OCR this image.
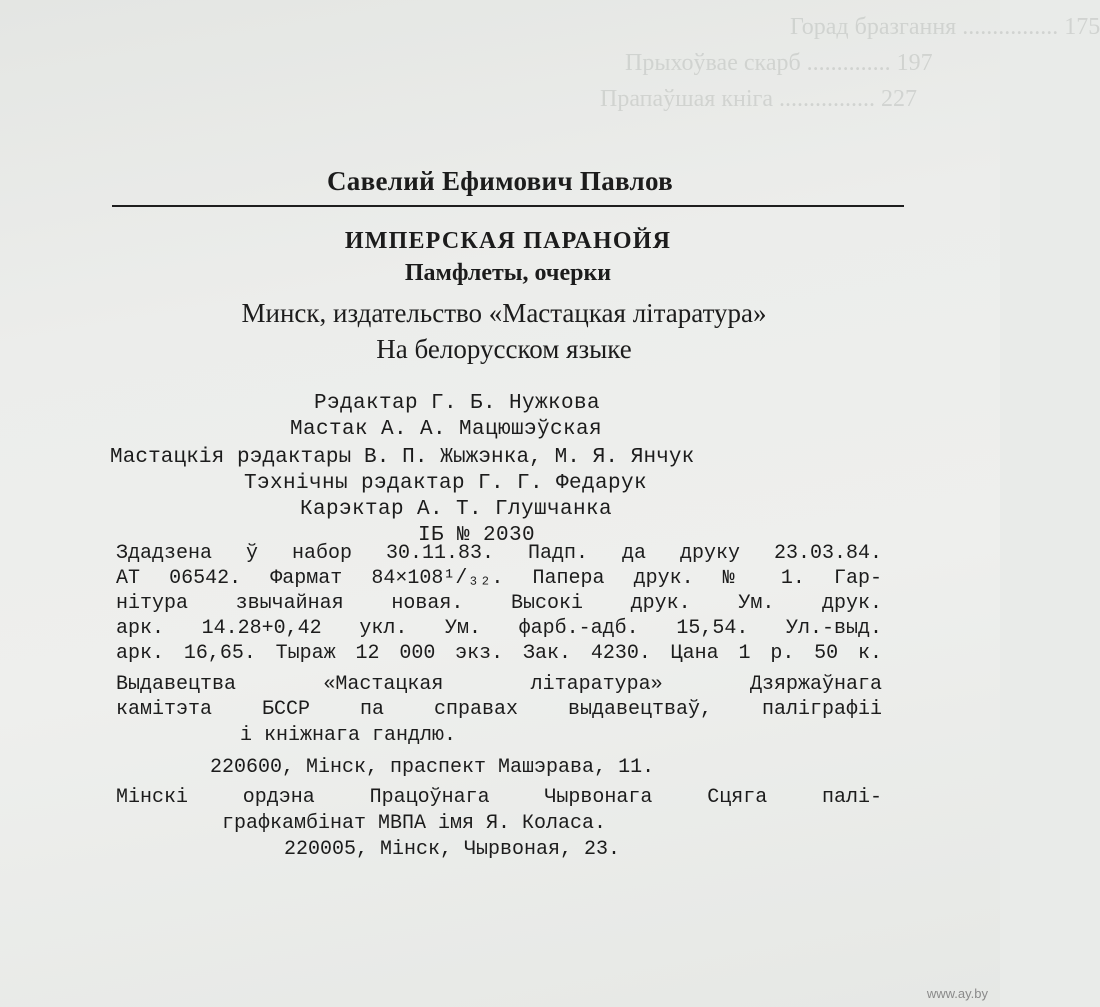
Горад бразгання ................ 175
Прыхоўвае скарб .............. 197
Прапаўшая кніга ................ 227
Савелий Ефимович Павлов
ИМПЕРСКАЯ ПАРАНОЙЯ
Памфлеты, очерки
Минск, издательство «Мастацкая літаратура»
На белорусском языке
Рэдактар Г. Б. Нужкова
Мастак А. А. Мацюшэўская
Мастацкія рэдактары В. П. Жыжэнка, М. Я. Янчук
Тэхнічны рэдактар Г. Г. Федарук
Карэктар А. Т. Глушчанка
ІБ № 2030
Здадзена ў набор 30.11.83. Падп. да друку 23.03.84.
АТ 06542. Фармат 84×108¹/₃₂. Папера друк. № 1. Гар-
нітура звычайная новая. Высокі друк. Ум. друк.
арк. 14.28+0,42 укл. Ум. фарб.-адб. 15,54. Ул.-выд.
арк. 16,65. Тыраж 12 000 экз. Зак. 4230. Цана 1 р. 50 к.
Выдавецтва «Мастацкая літаратура» Дзяржаўнага
камітэта БССР па справах выдавецтваў, паліграфіі
і кніжнага гандлю.
220600, Мінск, праспект Машэрава, 11.
Мінскі ордэна Працоўнага Чырвонага Сцяга палі-
графкамбінат МВПА імя Я. Коласа.
220005, Мінск, Чырвоная, 23.
www.ay.by
